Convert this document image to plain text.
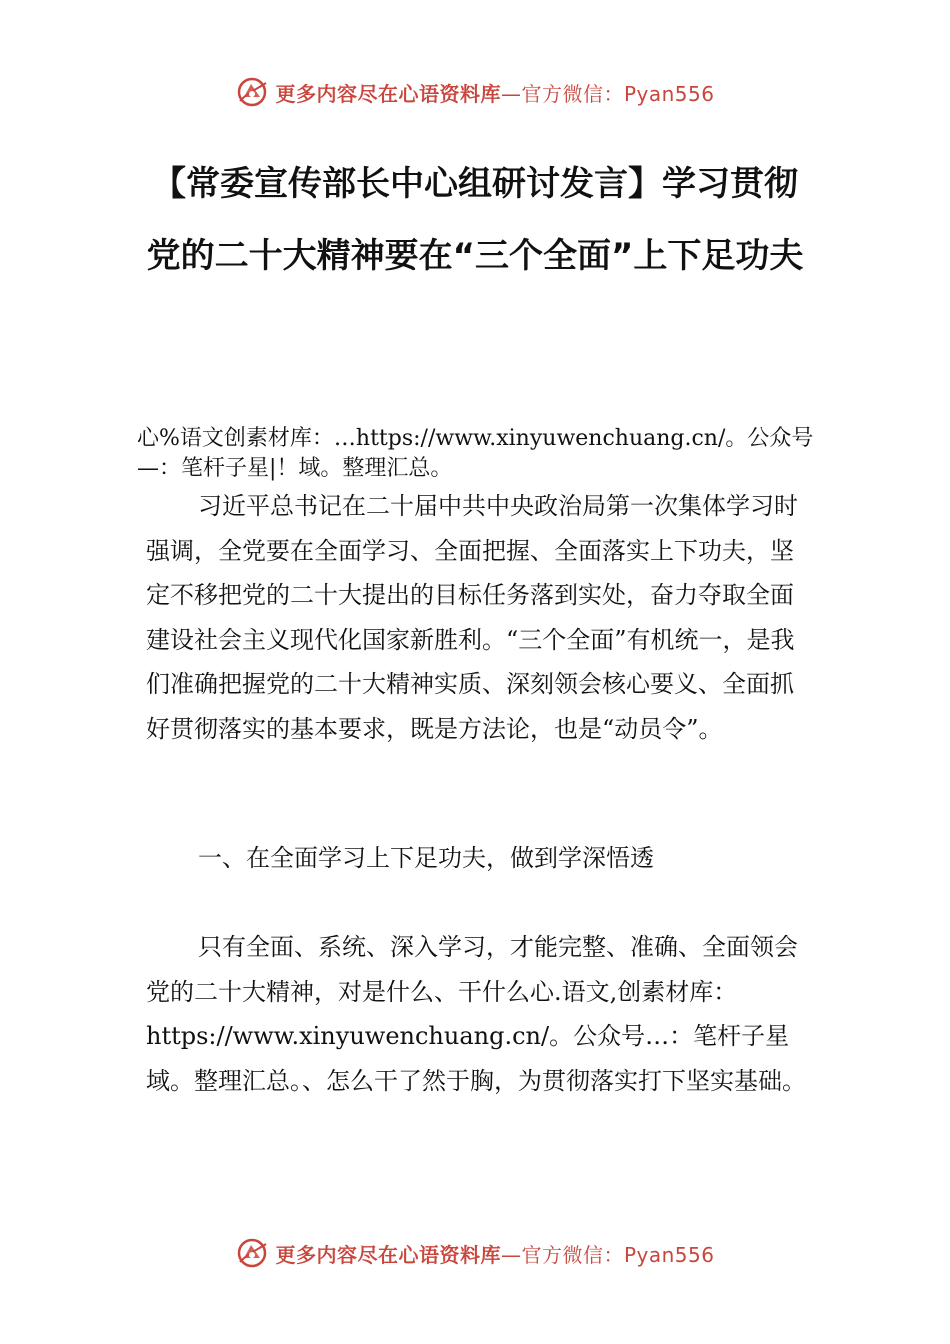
更多内容尽在心语资料库—官方微信：Pyan556
【常委宣传部长中心组研讨发言】学习贯彻党的二十大精神要在“三个全面”上下足功夫

心%语文创素材库：…https://www.xinyuwenchuang.cn/。公众号—：笔杆子星|！域。整理汇总。

习近平总书记在二十届中共中央政治局第一次集体学习时强调，全党要在全面学习、全面把握、全面落实上下功夫，坚定不移把党的二十大提出的目标任务落到实处，奋力夺取全面建设社会主义现代化国家新胜利。“三个全面”有机统一，是我们准确把握党的二十大精神实质、深刻领会核心要义、全面抓好贯彻落实的基本要求，既是方法论，也是“动员令”。

一、在全面学习上下足功夫，做到学深悟透

只有全面、系统、深入学习，才能完整、准确、全面领会党的二十大精神，对是什么、干什么心.语文,创素材库：https://www.xinyuwenchuang.cn/。公众号…：笔杆子星域。整理汇总。、怎么干了然于胸，为贯彻落实打下坚实基础。

更多内容尽在心语资料库—官方微信：Pyan556
